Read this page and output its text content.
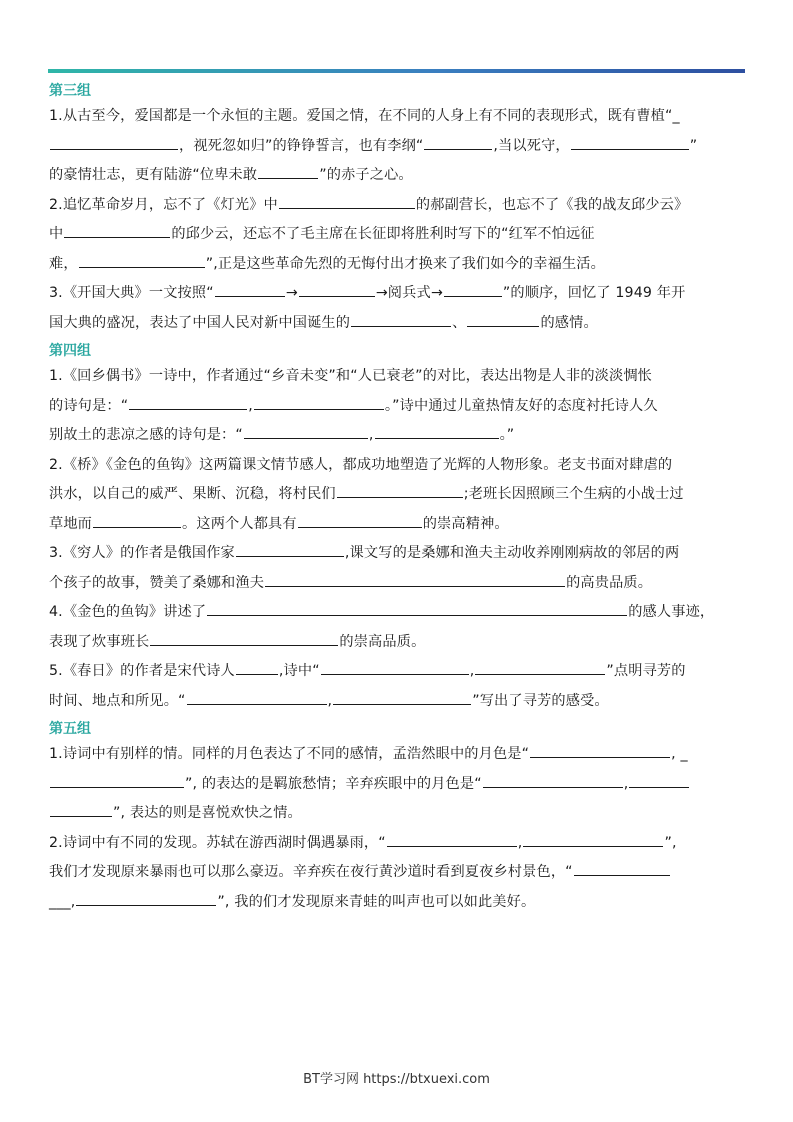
第三组
1.从古至今，爱国都是一个永恒的主题。爱国之情，在不同的人身上有不同的表现形式，既有曹植“_
，视死忽如归”的铮铮誓言，也有李纲“	,当以死守，	”
的豪情壮志，更有陆游“位卑未敢	”的赤子之心。
2.追忆革命岁月，忘不了《灯光》中	的郝副营长，也忘不了《我的战友邱少云》
中	的邱少云，还忘不了毛主席在长征即将胜利时写下的“红军不怕远征
难，	”,正是这些革命先烈的无悔付出才换来了我们如今的幸福生活。
3.《开国大典》一文按照“	→	→阅兵式→	”的顺序，回忆了 1949 年开
国大典的盛况，表达了中国人民对新中国诞生的	、	的感情。
第四组
1.《回乡偶书》一诗中，作者通过“乡音未变”和“人已衰老”的对比，表达出物是人非的淡淡惆怅
的诗句是：“	,	。”诗中通过儿童热情友好的态度衬托诗人久
别故土的悲凉之感的诗句是：“	,	。”
2.《桥》《金色的鱼钩》这两篇课文情节感人，都成功地塑造了光辉的人物形象。老支书面对肆虐的
洪水，以自己的威严、果断、沉稳，将村民们	;老班长因照顾三个生病的小战士过
草地而	。这两个人都具有	的崇高精神。
3.《穷人》的作者是俄国作家	,课文写的是桑娜和渔夫主动收养刚刚病故的邻居的两
个孩子的故事，赞美了桑娜和渔夫	的高贵品质。
4.《金色的鱼钩》讲述了	的感人事迹，
表现了炊事班长	的崇高品质。
5.《春日》的作者是宋代诗人	,诗中“	,	”点明寻芳的
时间、地点和所见。“	,	”写出了寻芳的感受。
第五组
1.诗词中有别样的情。同样的月色表达了不同的感情，孟浩然眼中的月色是“	, _
”, 的表达的是羁旅愁情；辛弃疾眼中的月色是“	,
”, 表达的则是喜悦欢快之情。
2.诗词中有不同的发现。苏轼在游西湖时偶遇暴雨，“	,	”,
我们才发现原来暴雨也可以那么豪迈。辛弃疾在夜行黄沙道时看到夏夜乡村景色，“
___,	”, 我的们才发现原来青蛙的叫声也可以如此美好。
BT学习网 https://btxuexi.com
